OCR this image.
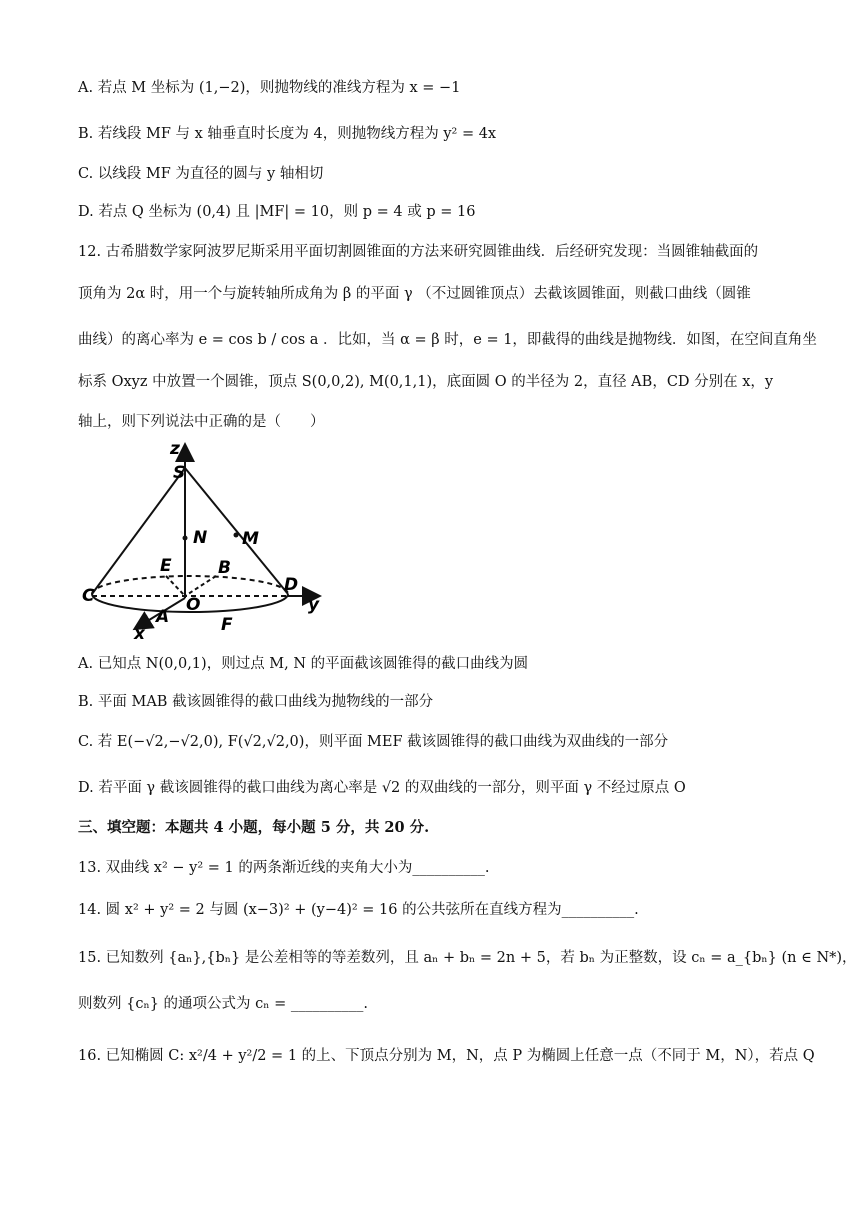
A. 若点 M 坐标为 (1,−2)，则抛物线的准线方程为 x = −1
B. 若线段 MF 与 x 轴垂直时长度为 4，则抛物线方程为 y² = 4x
C. 以线段 MF 为直径的圆与 y 轴相切
D. 若点 Q 坐标为 (0,4) 且 |MF| = 10，则 p = 4 或 p = 16
12. 古希腊数学家阿波罗尼斯采用平面切割圆锥面的方法来研究圆锥曲线．后经研究发现：当圆锥轴截面的
顶角为 2α 时，用一个与旋转轴所成角为 β 的平面 γ （不过圆锥顶点）去截该圆锥面，则截口曲线（圆锥
曲线）的离心率为 e = cos b / cos a ．比如，当 α = β 时，e = 1，即截得的曲线是抛物线．如图，在空间直角坐
标系 Oxyz 中放置一个圆锥，顶点 S(0,0,2), M(0,1,1)，底面圆 O 的半径为 2，直径 AB，CD 分别在 x，y
轴上，则下列说法中正确的是（　　）
z
S
N M
E	B
C
D
y
O
A	F
x
A. 已知点 N(0,0,1)，则过点 M, N 的平面截该圆锥得的截口曲线为圆
B. 平面 MAB 截该圆锥得的截口曲线为抛物线的一部分
C. 若 E(−√2,−√2,0), F(√2,√2,0)，则平面 MEF 截该圆锥得的截口曲线为双曲线的一部分
D. 若平面 γ 截该圆锥得的截口曲线为离心率是 √2 的双曲线的一部分，则平面 γ 不经过原点 O
三、填空题：本题共 4 小题，每小题 5 分，共 20 分.
13. 双曲线 x² − y² = 1 的两条渐近线的夹角大小为__________.
14. 圆 x² + y² = 2 与圆 (x−3)² + (y−4)² = 16 的公共弦所在直线方程为__________.
15. 已知数列 {aₙ},{bₙ} 是公差相等的等差数列，且 aₙ + bₙ = 2n + 5，若 bₙ 为正整数，设 cₙ = a_{bₙ} (n ∈ N*)，
则数列 {cₙ} 的通项公式为 cₙ = __________.
16. 已知椭圆 C: x²/4 + y²/2 = 1 的上、下顶点分别为 M，N，点 P 为椭圆上任意一点（不同于 M，N），若点 Q
